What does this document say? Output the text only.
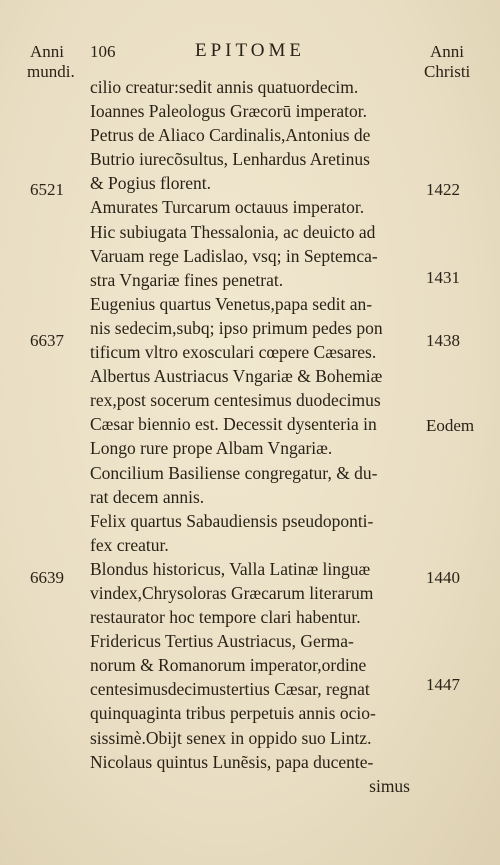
Anni 106
mundi.
EPITOME	Anni
Christi
6521
6637
6639
1422
1431
1438
Eodem
1440
1447
cilio creatur:sedit annis quatuordecim.
Ioannes Paleologus Græcorū imperator.
Petrus de Aliaco Cardinalis,Antonius de
Butrio iurecõsultus, Lenhardus Aretinus
& Pogius florent.
Amurates Turcarum octauus imperator.
Hic subiugata Thessalonia, ac deuicto ad
Varuam rege Ladislao, vsq; in Septemca-
stra Vngariæ fines penetrat.
Eugenius quartus Venetus,papa sedit an-
nis sedecim,subq; ipso primum pedes pon
tificum vltro exosculari cœpere Cæsares.
Albertus Austriacus Vngariæ & Bohemiæ
rex,post socerum centesimus duodecimus
Cæsar biennio est. Decessit dysenteria in
Longo rure prope Albam Vngariæ.
Concilium Basiliense congregatur, & du-
rat decem annis.
Felix quartus Sabaudiensis pseudoponti-
fex creatur.
Blondus historicus, Valla Latinæ linguæ
vindex,Chrysoloras Græcarum literarum
restaurator hoc tempore clari habentur.
Fridericus Tertius Austriacus, Germa-
norum & Romanorum imperator,ordine
centesimusdecimustertius Cæsar, regnat
quinquaginta tribus perpetuis annis ocio-
sissimè.Obijt senex in oppido suo Lintz.
Nicolaus quintus Lunẽsis, papa ducente-
simus
